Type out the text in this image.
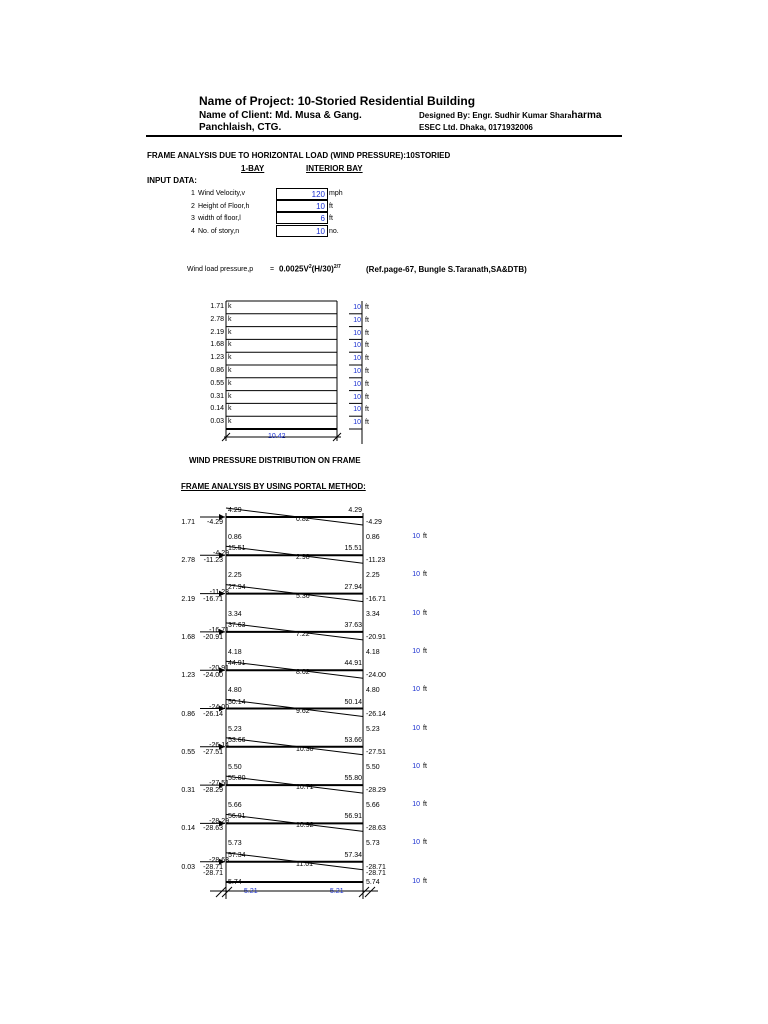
Name of Project: 10-Storied Residential Building
Name of Client: Md. Musa & Gang.
Panchlaish, CTG.
Designed By: Engr. Sudhir Kumar Sharaharma
ESEC Ltd. Dhaka, 0171932006
FRAME ANALYSIS DUE TO HORIZONTAL LOAD (WIND PRESSURE):10STORIED
1-BAY	INTERIOR BAY
INPUT DATA:
1 Wind Velocity,v	120 mph
2 Height of Floor,h	10 ft
3 width of floor,l	6 ft
4 No. of story,n	10 no.
Wind load pressure,p = $0.0025V^2(H/30)^{2/7}$	(Ref.page-67, Bungle S.Taranath,SA&DTB)
1.71 k
2.78 k
2.19 k
1.68 k
1.23 k
0.86 k
0.55 k
0.31 k
0.14 k
0.03 k
10 ft
10 ft
10 ft
10 ft
10 ft
10 ft
10 ft
10 ft
10 ft
10 ft
10.42
WIND PRESSURE DISTRIBUTION ON FRAME
FRAME ANALYSIS BY USING PORTAL METHOD:
4.29	4.29
0.82	-4.29
1.71 -4.29
0.86	0.86	10 ft
15.51	15.51
2.98	-11.23
-4.29
2.78 -11.23
2.25	2.25	10 ft
27.94	27.94
5.36	-16.71
-11.23
2.19 -16.71
3.34	3.34	10 ft
37.63	37.63
7.22	-20.91
-16.71
1.68 -20.91
4.18	4.18	10 ft
44.91	44.91
8.62	-24.00
-20.91
1.23 -24.00
4.80	4.80	10 ft
50.14	50.14
9.62	-26.14
-24.00
0.86 -26.14
5.23	5.23	10 ft
53.66	53.66
10.30	-27.51
-26.14
0.55 -27.51
5.50	5.50	10 ft
55.80	55.80
10.71	-28.29
-27.51
0.31 -28.29
5.66	5.66	10 ft
56.91	56.91
10.92	-28.63
-28.29
0.14 -28.63
5.73	5.73	10 ft
57.34	57.34
11.01	-28.71
-28.63
0.03 -28.71
5.74	5.74	10 ft
-28.71	-28.71
5.21	5.21
